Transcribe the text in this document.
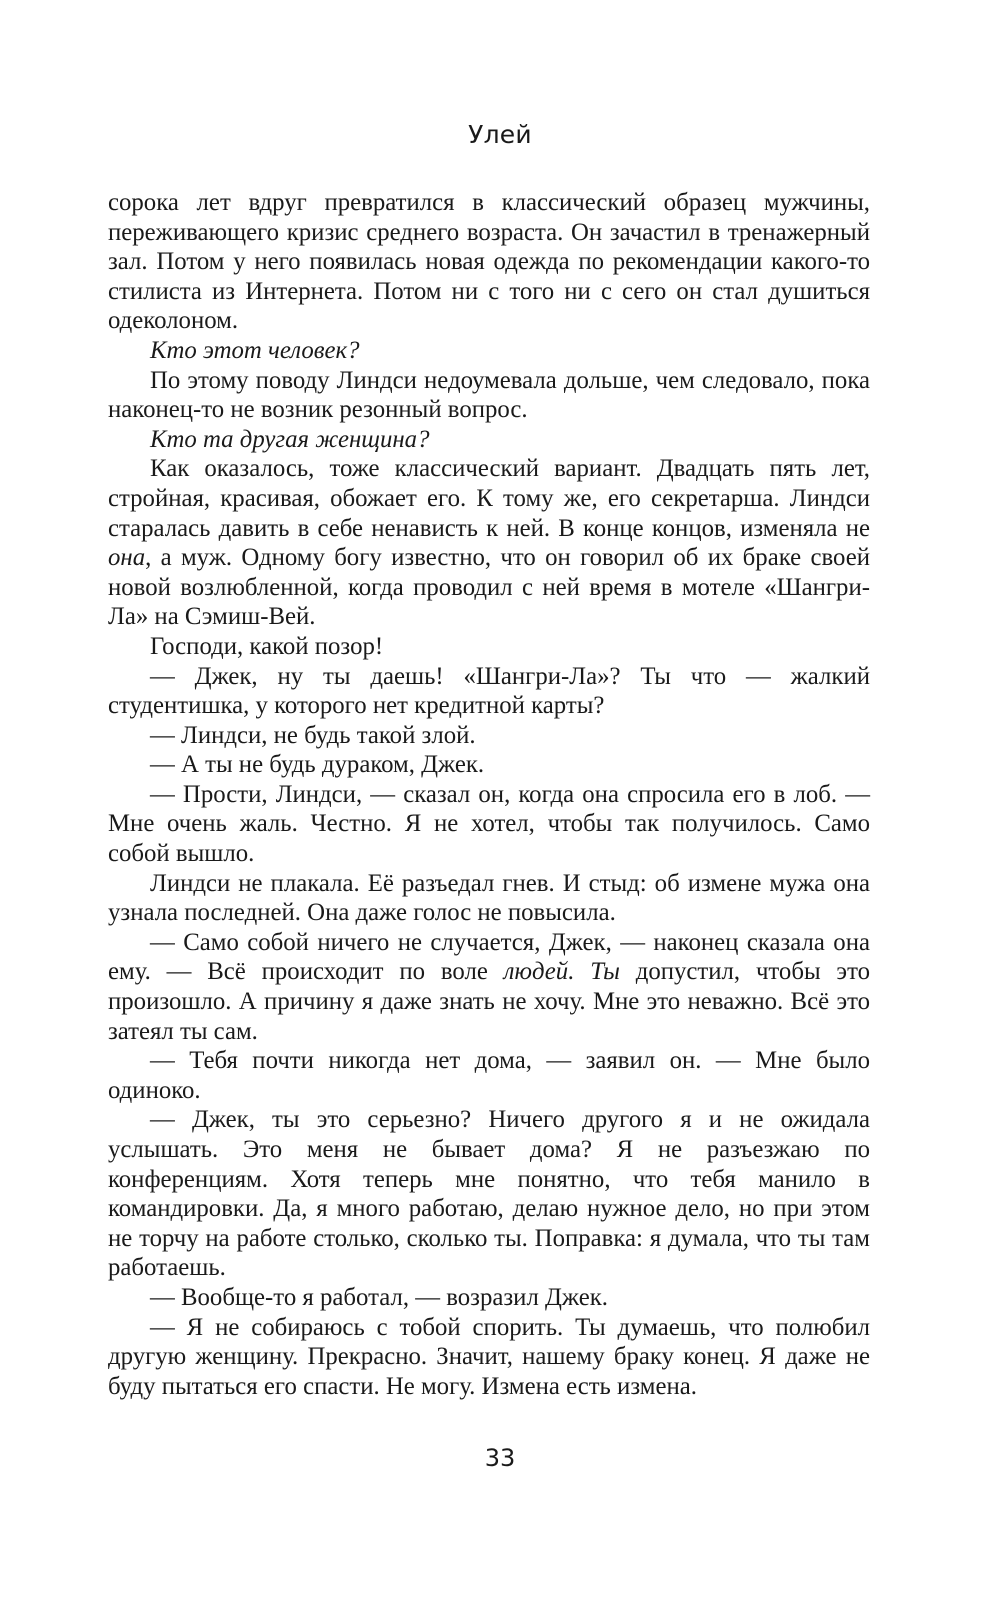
Улей

сорока лет вдруг превратился в классический образец мужчины, переживающего кризис среднего возраста. Он зачастил в тренажерный зал. Потом у него появилась новая одежда по рекомендации какого-то стилиста из Интернета. Потом ни с того ни с сего он стал душиться одеколоном.

Кто этот человек?

По этому поводу Линдси недоумевала дольше, чем следовало, пока наконец-то не возник резонный вопрос.

Кто та другая женщина?

Как оказалось, тоже классический вариант. Двадцать пять лет, стройная, красивая, обожает его. К тому же, его секретарша. Линдси старалась давить в себе ненависть к ней. В конце концов, изменяла не она, а муж. Одному богу известно, что он говорил об их браке своей новой возлюбленной, когда проводил с ней время в мотеле «Шангри-Ла» на Сэмиш-Вей.

Господи, какой позор!

— Джек, ну ты даешь! «Шангри-Ла»? Ты что — жалкий студентишка, у которого нет кредитной карты?

— Линдси, не будь такой злой.

— А ты не будь дураком, Джек.

— Прости, Линдси, — сказал он, когда она спросила его в лоб. — Мне очень жаль. Честно. Я не хотел, чтобы так получилось. Само собой вышло.

Линдси не плакала. Её разъедал гнев. И стыд: об измене мужа она узнала последней. Она даже голос не повысила.

— Само собой ничего не случается, Джек, — наконец сказала она ему. — Всё происходит по воле людей. Ты допустил, чтобы это произошло. А причину я даже знать не хочу. Мне это неважно. Всё это затеял ты сам.

— Тебя почти никогда нет дома, — заявил он. — Мне было одиноко.

— Джек, ты это серьезно? Ничего другого я и не ожидала услышать. Это меня не бывает дома? Я не разъезжаю по конференциям. Хотя теперь мне понятно, что тебя манило в командировки. Да, я много работаю, делаю нужное дело, но при этом не торчу на работе столько, сколько ты. Поправка: я думала, что ты там работаешь.

— Вообще-то я работал, — возразил Джек.

— Я не собираюсь с тобой спорить. Ты думаешь, что полюбил другую женщину. Прекрасно. Значит, нашему браку конец. Я даже не буду пытаться его спасти. Не могу. Измена есть измена.

33
